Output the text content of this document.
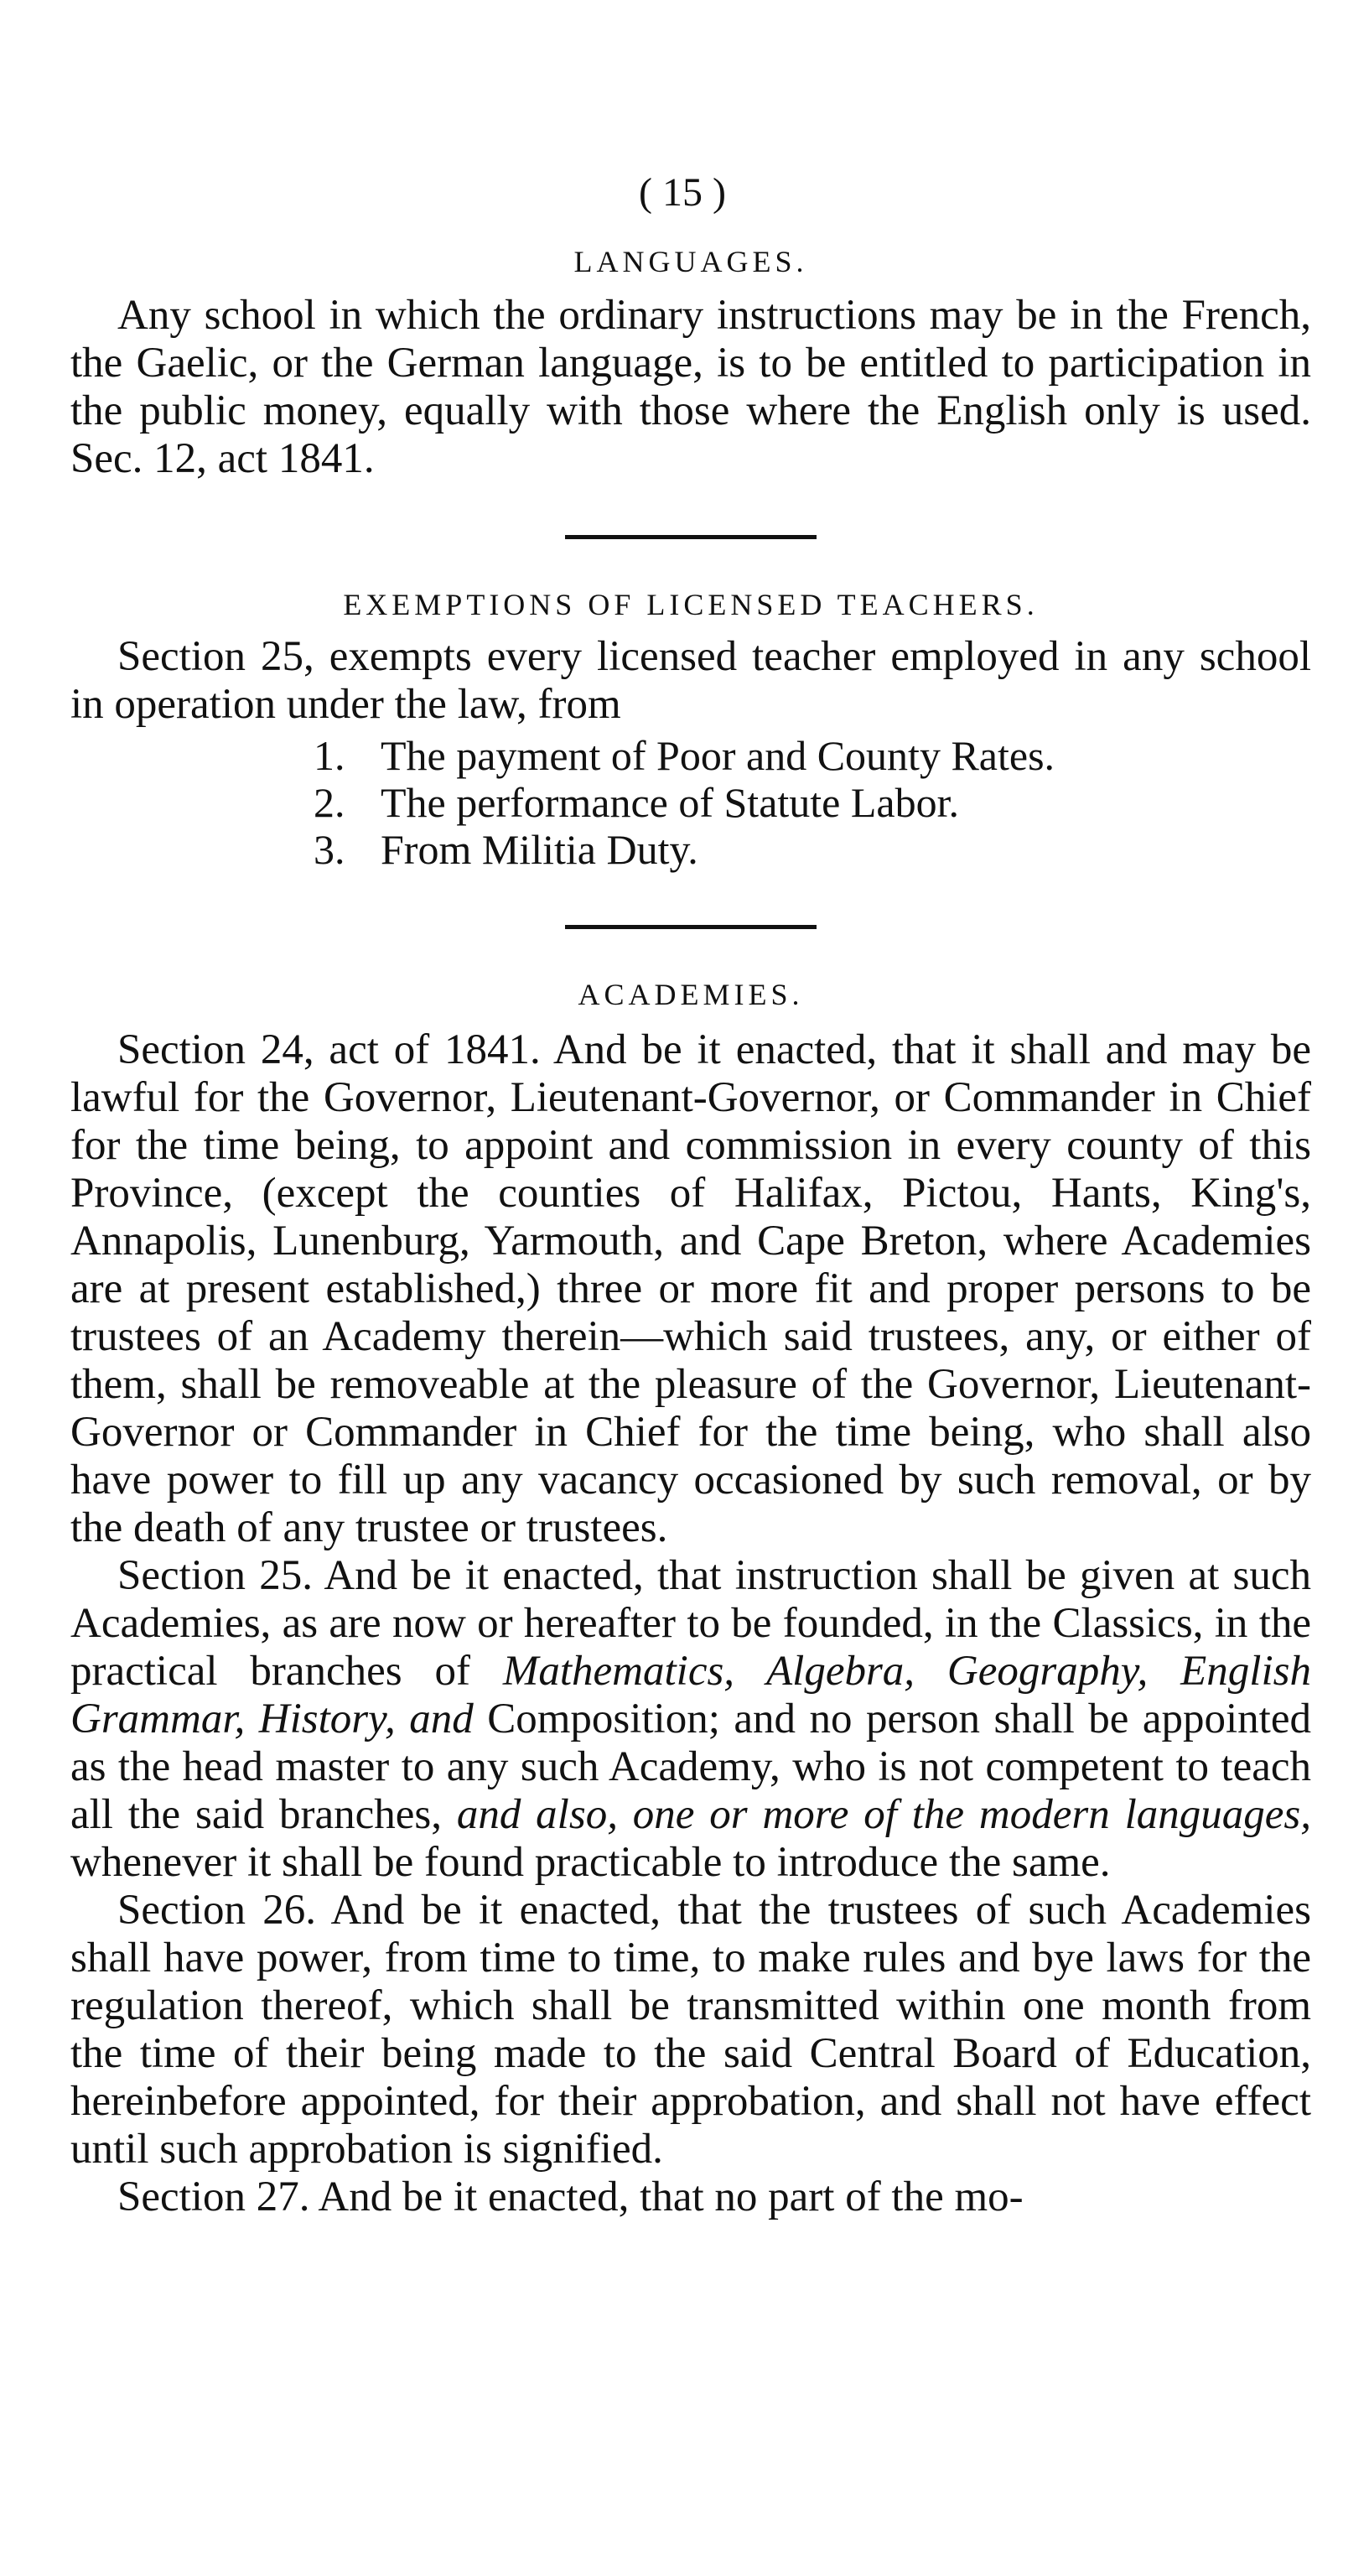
( 15 )
LANGUAGES.

Any school in which the ordinary instructions may be in the French, the Gaelic, or the German language, is to be entitled to participation in the public money, equally with those where the English only is used. Sec. 12, act 1841.

EXEMPTIONS OF LICENSED TEACHERS.

Section 25, exempts every licensed teacher employed in any school in operation under the law, from

1. The payment of Poor and County Rates.
2. The performance of Statute Labor.
3. From Militia Duty.
ACADEMIES.

Section 24, act of 1841. And be it enacted, that it shall and may be lawful for the Governor, Lieutenant-Governor, or Commander in Chief for the time being, to appoint and commission in every county of this Province, (except the counties of Halifax, Pictou, Hants, King's, Annapolis, Lunenburg, Yarmouth, and Cape Breton, where Academies are at present established,) three or more fit and proper persons to be trustees of an Academy therein—which said trustees, any, or either of them, shall be removeable at the pleasure of the Governor, Lieutenant-Governor or Commander in Chief for the time being, who shall also have power to fill up any vacancy occasioned by such removal, or by the death of any trustee or trustees.

Section 25. And be it enacted, that instruction shall be given at such Academies, as are now or hereafter to be founded, in the Classics, in the practical branches of Mathematics, Algebra, Geography, English Grammar, History, and Composition; and no person shall be appointed as the head master to any such Academy, who is not competent to teach all the said branches, and also, one or more of the modern languages, whenever it shall be found practicable to introduce the same.

Section 26. And be it enacted, that the trustees of such Academies shall have power, from time to time, to make rules and bye laws for the regulation thereof, which shall be transmitted within one month from the time of their being made to the said Central Board of Education, hereinbefore appointed, for their approbation, and shall not have effect until such approbation is signified.

Section 27. And be it enacted, that no part of the mo-
